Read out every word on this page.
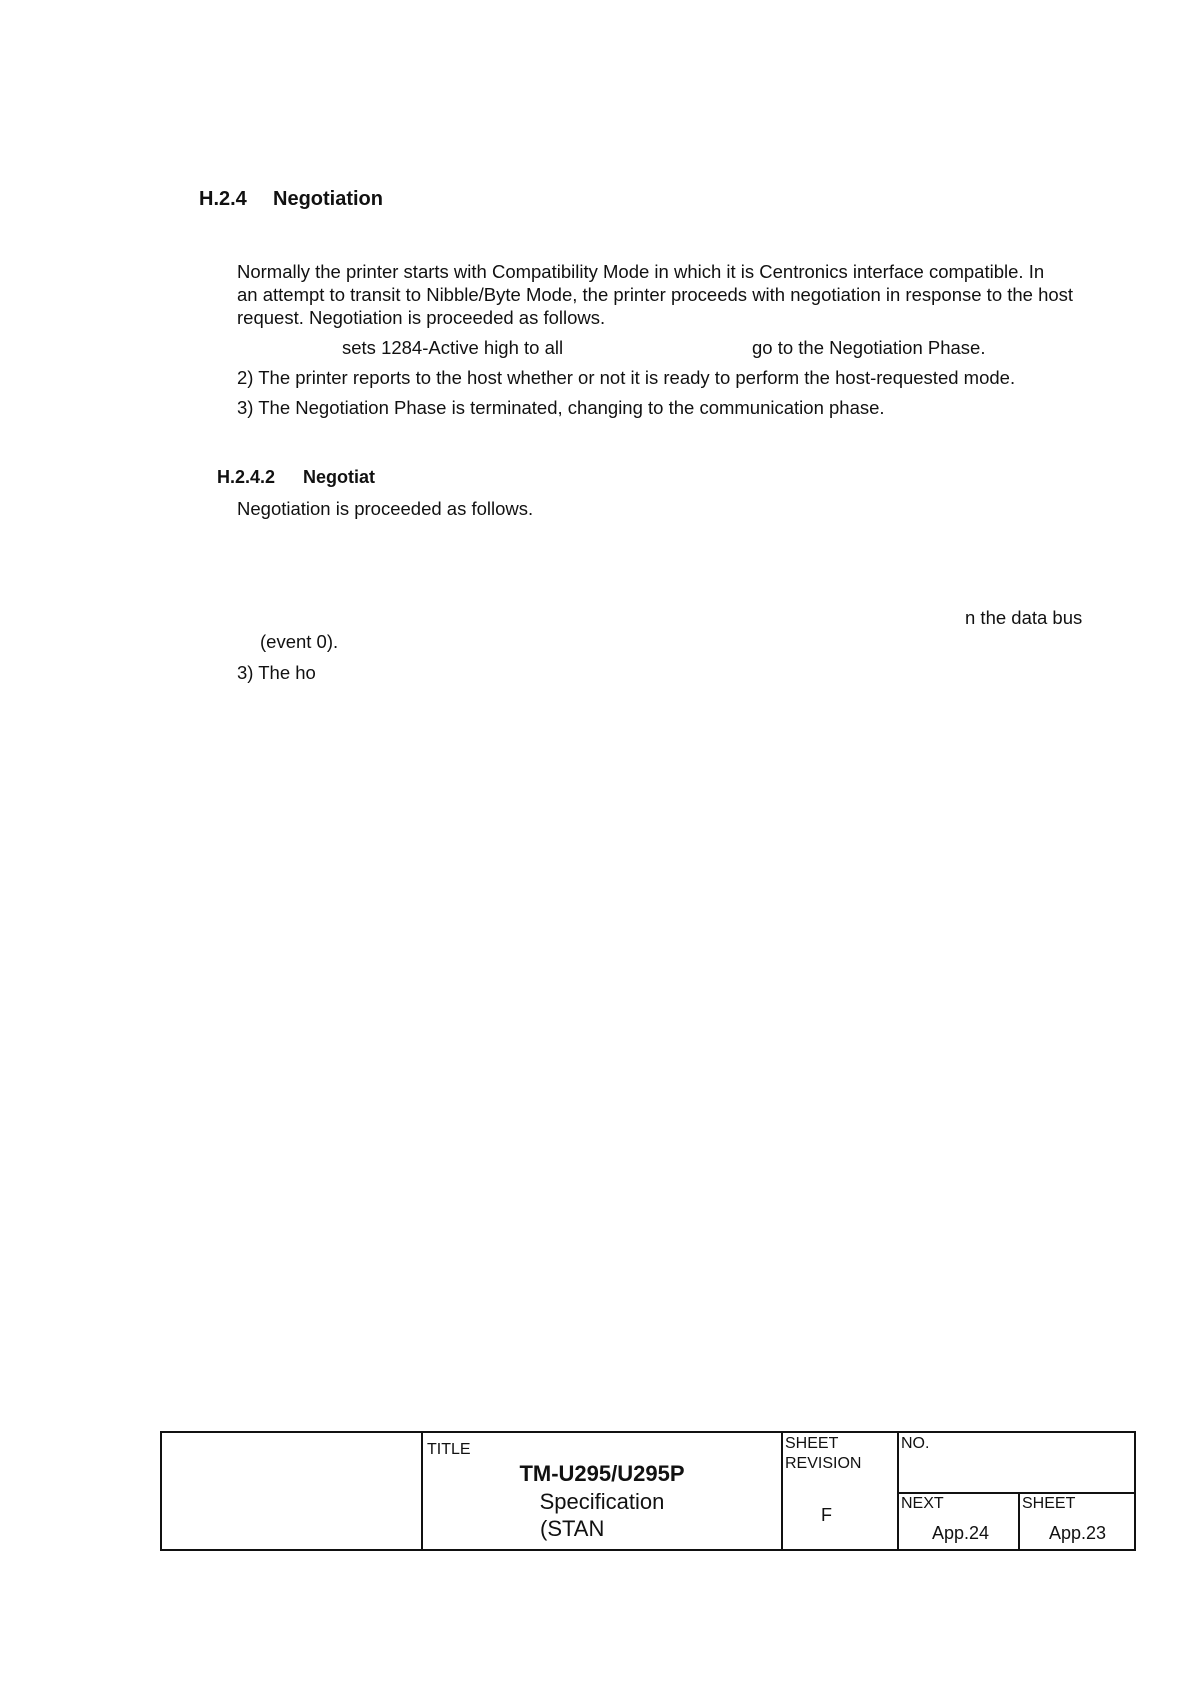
H.2.4 Negotiation
Normally the printer starts with Compatibility Mode in which it is Centronics interface compatible. In
an attempt to transit to Nibble/Byte Mode, the printer proceeds with negotiation in response to the host
request. Negotiation is proceeded as follows.
sets 1284-Active high to all	go to the Negotiation Phase.
2) The printer reports to the host whether or not it is ready to perform the host-requested mode.
3) The Negotiation Phase is terminated, changing to the communication phase.
H.2.4.2 Negotiat
Negotiation is proceeded as follows.
n the data bus
(event 0).
3) The ho
TITLE
TM-U295/U295P
Specification
(STAN
SHEET
REVISION
F
NO.
NEXT
App.24
SHEET
App.23
